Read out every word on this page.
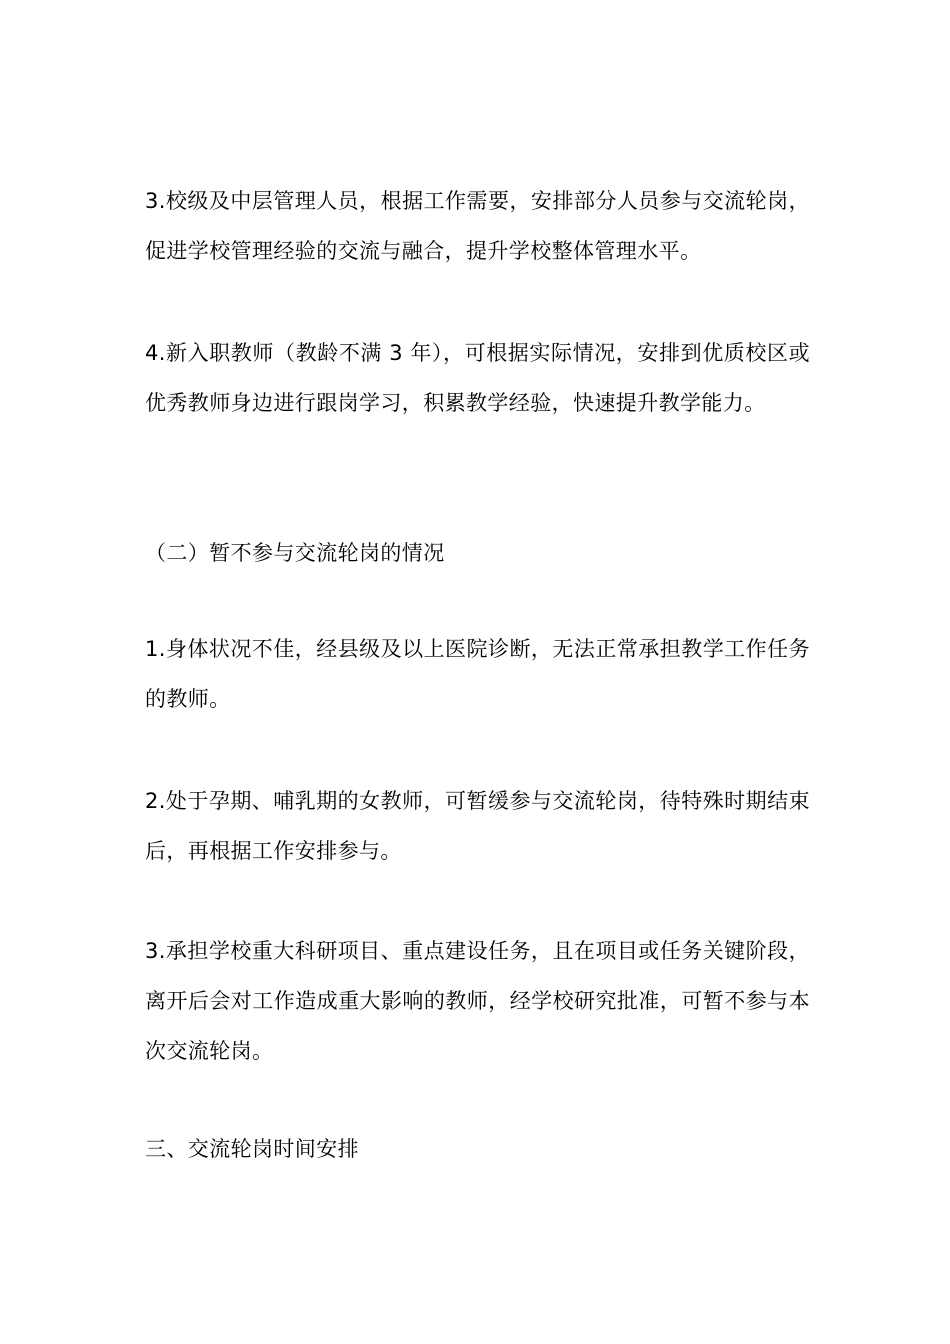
3.校级及中层管理人员，根据工作需要，安排部分人员参与交流轮岗，促进学校管理经验的交流与融合，提升学校整体管理水平。

4.新入职教师（教龄不满 3 年），可根据实际情况，安排到优质校区或优秀教师身边进行跟岗学习，积累教学经验，快速提升教学能力。

（二）暂不参与交流轮岗的情况

1.身体状况不佳，经县级及以上医院诊断，无法正常承担教学工作任务的教师。

2.处于孕期、哺乳期的女教师，可暂缓参与交流轮岗，待特殊时期结束后，再根据工作安排参与。

3.承担学校重大科研项目、重点建设任务，且在项目或任务关键阶段，离开后会对工作造成重大影响的教师，经学校研究批准，可暂不参与本次交流轮岗。

三、交流轮岗时间安排
